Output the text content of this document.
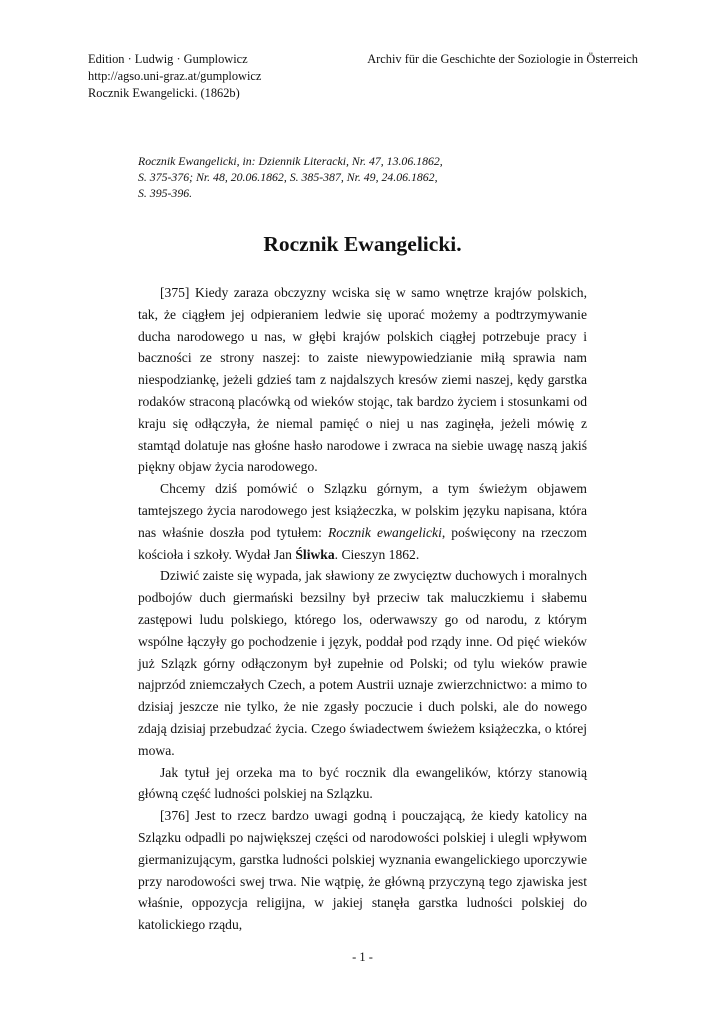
Edition · Ludwig · Gumplowicz
http://agso.uni-graz.at/gumplowicz
Rocznik Ewangelicki. (1862b)
Archiv für die Geschichte der Soziologie in Österreich
Rocznik Ewangelicki, in: Dziennik Literacki, Nr. 47, 13.06.1862, S. 375-376; Nr. 48, 20.06.1862, S. 385-387, Nr. 49, 24.06.1862, S. 395-396.
Rocznik Ewangelicki.

[375] Kiedy zaraza obczyzny wciska się w samo wnętrze krajów polskich, tak, że ciągłem jej odpieraniem ledwie się uporać możemy a podtrzymywanie ducha narodowego u nas, w głębi krajów polskich ciągłej potrzebuje pracy i baczności ze strony naszej: to zaiste niewypowiedzianie miłą sprawia nam niespodziankę, jeżeli gdzieś tam z najdalszych kresów ziemi naszej, kędy garstka rodaków straconą placówką od wieków stojąc, tak bardzo życiem i stosunkami od kraju się odłączyła, że niemal pamięć o niej u nas zaginęła, jeżeli mówię z stamtąd dolatuje nas głośne hasło narodowe i zwraca na siebie uwagę naszą jakiś piękny objaw życia narodowego.

Chcemy dziś pomówić o Szlązku górnym, a tym świeżym objawem tamtejszego życia narodowego jest książeczka, w polskim języku napisana, która nas właśnie doszła pod tytułem: Rocznik ewangelicki, poświęcony na rzeczom kościoła i szkoły. Wydał Jan Śliwka. Cieszyn 1862.

Dziwić zaiste się wypada, jak sławiony ze zwycięztw duchowych i moralnych podbojów duch giermański bezsilny był przeciw tak maluczkiemu i słabemu zastępowi ludu polskiego, którego los, oderwawszy go od narodu, z którym wspólne łączyły go pochodzenie i język, poddał pod rządy inne. Od pięć wieków już Szlązk górny odłączonym był zupełnie od Polski; od tylu wieków prawie najprzód zniemczałych Czech, a potem Austrii uznaje zwierzchnictwo: a mimo to dzisiaj jeszcze nie tylko, że nie zgasły poczucie i duch polski, ale do nowego zdają dzisiaj przebudzać życia. Czego świadectwem świeżem książeczka, o której mowa.

Jak tytuł jej orzeka ma to być rocznik dla ewangelików, którzy stanowią główną część ludności polskiej na Szlązku.

[376] Jest to rzecz bardzo uwagi godną i pouczającą, że kiedy katolicy na Szlązku odpadli po największej części od narodowości polskiej i ulegli wpływom giermanizującym, garstka ludności polskiej wyznania ewangelickiego uporczywie przy narodowości swej trwa. Nie wątpię, że główną przyczyną tego zjawiska jest właśnie, oppozycja religijna, w jakiej stanęła garstka ludności polskiej do katolickiego rządu,

- 1 -
